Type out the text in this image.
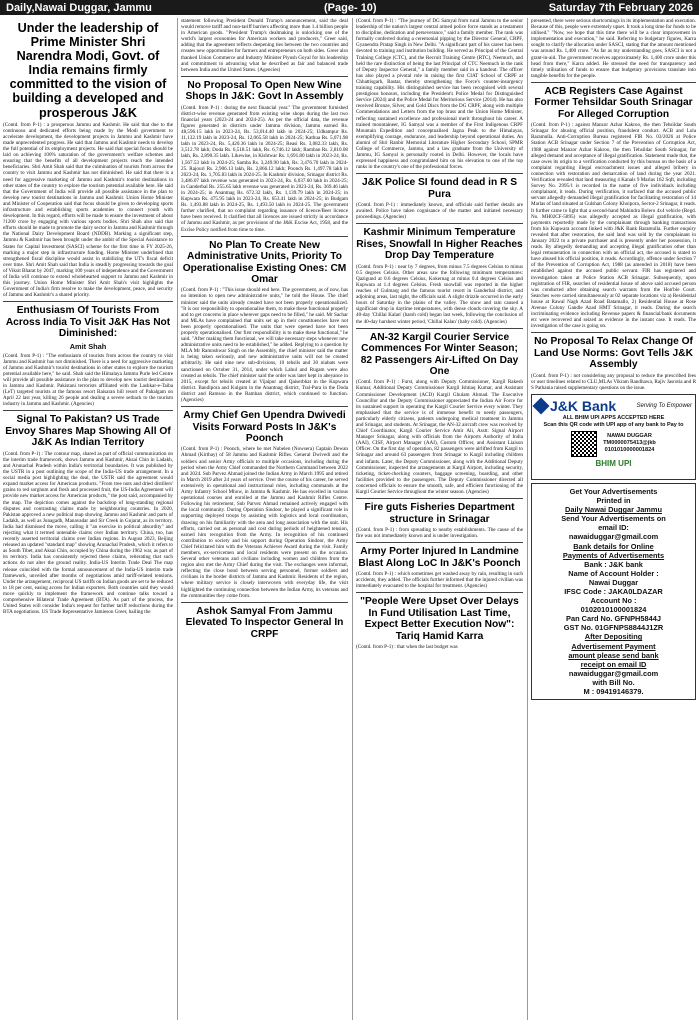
Daily,Nawai Duggar, Jammu	(Page- 10)	Saturday 7th February 2026
Under the leadership of Prime Minister Shri Narendra Modi, Govt. of India remains firmly committed to the vision of building a developed and prosperous J&K

(Contd. from P-1) : a prosperous Jammu and Kashmir. He said that due to the continuous and dedicated efforts being made by the Modi government to accelerate development, the development projects in Jammu and Kashmir have made unprecedented progress. He said that Jammu and Kashmir needs to develop the full potential of its employment projects. He said that special focus should be laid on achieving 100% saturation of the government's welfare schemes and ensuring that the benefits of all development projects reach the intended beneficiaries. Shri Amit Shah said that the culmination of tourists from across the country to visit Jammu and Kashmir has not diminished. He said that there is a need for aggressive marketing of Jammu and Kashmir's tourist destinations in other states of the country to explore the tourism potential available here. He said that the Government of India will provide all possible assistance in the plan to develop new tourist destinations in Jammu and Kashmir. Union Home Minister and Minister of Cooperation said that focus should be given to developing sports infrastructure and establishing sports academies to connect youth with development. In this regard, efforts will be made to ensure the investment of about ?1200 crore by engaging with various sports bodies. Shri Shah also said that efforts should be made to promote the dairy sector in Jammu and Kashmir through the National Dairy Development Board (NDDB). Marking a significant step, Jammu & Kashmir has been brought under the ambit of the Special Assistance to States for Capital Investment (SASCI) scheme for the first time in FY 2025-26, marking a major step in infrastructure funding. Home Minister underlined that strengthened fiscal discipline would assist in stabilizing the UT's fiscal deficit over time. Shri Amit Shah said that India is steadily progressing towards the goal of Viksit Bharat by 2047, marking 100 years of independence and the Government of India will continue to extend wholehearted support to Jammu and Kashmir in this journey. Union Home Minister Shri Amit Shah's visit highlights the Government of India's firm resolve to make the development, peace, and security of Jammu and Kashmir's a shared priority.

Enthusiasm Of Tourists From Across India To Visit J&K Has Not Diminished:
Amit Shah

(Contd. from P-1) : "The enthusiasm of tourists from across the country to visit Jammu and Kashmir has not diminished. There is a need for aggressive marketing of Jammu and Kashmir's tourist destinations in other states to explore the tourism potential available here," he said. Shah said the Himalaya Jammu Purle led Centre will provide all possible assistance in the plan to develop new tourist destinations in Jammu and Kashmir. Pakistani terrorists affiliated with the Lashkar-e-Taiba (LeT) targeted tourists at the famous resort Baisaran hill resort of Pahalgam on April 22 last year, killing 26 people and dealing a severe setback to the tourism industry in Jammu and Kashmir. (Agencies)

Signal To Pakistan? US Trade Envoy Shares Map Showing All Of J&K As Indian Territory

(Contd. from P-1) : The contour map, shared as part of official communication on the interim trade framework, shows Jammu and Kashmir, Aksai Chin in Ladakh, and Arunachal Pradesh within India's territorial boundaries. It was published by the USTR in a post outlining the scope of the India-US trade arrangement. In a social media post highlighting the deal, the USTR said the agreement would expand market access for American products. "From tree nuts and dried distillers' grains to red sorghum and fresh and processed fruit, the US-India Agreement will provide new market access for American products," the post said, accompanied by the map. The depiction comes against the backdrop of long-standing regional disputes and contrasting claims made by neighbouring countries. In 2020, Pakistan approved a new political map showing Jammu and Kashmir and parts of Ladakh, as well as Junagadh, Manavadar and Sir Creek in Gujarat, as its territory. India had dismissed the move, calling it "an exercise in political absurdity" and rejecting what it termed untenable claims over Indian territory. China, too, has recently asserted territorial claims over Indian regions. In August 2023, Beijing released an updated "standard map" showing Arunachal Pradesh, which it refers to as South Tibet, and Aksai Chin, occupied by China during the 1962 war, as part of its territory. India has consistently rejected these claims, reiterating that such actions do not alter the ground reality. India-US Interim Trade Deal The map release coincided with the formal announcement of the India-US interim trade framework, unveiled after months of negotiations amid tariff-related tensions. Under the arrangement, reciprocal US tariffs on Indian goods are set to be reduced to 18 per cent, easing access for Indian exporters. Both countries said they would move quickly to implement the framework and continue talks toward a comprehensive Bilateral Trade Agreement (BTA). As part of the process, the United States will consider India's request for further tariff reductions during the BTA negotiations. US Trade Representative Jamieson Greer, hailing the

statement following President Donald Trump's announcement, said the deal would remove tariff and non-tariff barriers affecting more than 1.4 billion people in American goods. "President Trump's dealmaking is unlocking one of the world's largest economies for American workers and producers," Greer said, adding that the agreement reflects deepening ties between the two countries and creates new opportunities for farmers and entrepreneurs on both sides. Greer also thanked Union Commerce and Industry Minister Piyush Goyal for his leadership and commitment to advancing what he described as fair and balanced trade between India and the United States. (Agencies)

No Proposal To Open New Wine Shops In J&K: Govt In Assembly

(Contd. from P-1) : during the next financial year." The government furnished district-wise revenue generated from existing wine shops during the last two financial years (2023-24 and 2024-25). As per the official data, the revenue figures generated in districts under Jammu division, Jammu earned Rs. 48,596.15 lakh in 2023-24, Rs. 53,014.40 lakh in 2024-25; Udhampur Rs. 11,132.19 lakh in 2023-24, Rs. 12,065.58 lakh in 2024-25; Kathua Rs. 5,071.98 lakh in 2023-24, Rs. 5,420.36 lakh in 2024-25; Reasi Rs. 3,082.33 lakh, Rs. 3,512.78 lakh; Doda Rs. 6,518.51 lakh, Rs. 6,746.12 lakh; Ramban Rs. 2,810.08 lakh, Rs. 2,890.35 lakh. Likewise, in Kishtwar Rs. 1,691.80 lakh in 2023-24, Rs. 1,567.53 lakh in 2024-25; Samba Rs. 3,249.90 lakh, Rs. 3,476.70 lakh in 2024-25. Rajouri Rs. 2,906.13 lakh, Rs. 2,866.12 lakh; Poonch Rs. 1,497.78 lakh in 2023-24, Rs. 1,705.83 lakh in 2024-25. In Kashmir division, Srinagar district Rs. 3,486.07 lakh revenue was generated in 2023-24, Rs. 6,037.60 lakh in 2024-25; in Ganderbal Rs. 255.65 lakh revenue was generated in 2023-24, Rs. 369.46 lakh in 2024-25; in Anantnag Rs. 672.32 lakh, Rs. 1,139.79 lakh in 2024-25; in Kupwara Rs. 475.95 lakh in 2023-24, Rs. 653.41 lakh in 2024-25; in Budgam Rs. 1,493.88 lakh in 2024-25, Rs. 1,493.50 lakh in 2024-25. The government further clarified, that no complaint regarding issuance of licence/Beer licence have been received. It clarified that all licences are issued strictly in accordance of Jammu and Kashmir, as per provisions of the J&K Excise Act, 1958, and the Excise Policy notified from time to time.

No Plan To Create New Administrative Units, Priority To Operationalise Existing Ones: CM Omar

(Contd. from P-1) : "This issue should end here. The government, as of now, has no intention to open new administrative units," he told the House. The chief minister said the units already created have not been properly operationalized. "It is our responsibility to operationalise them, to make these functional properly and to get concerns in place wherever gaps need to be filled," he said. Mr Sachar and MLAs have complained that units set up in their constituencies have not been properly operationalised. The units that were opened have not been properly operationalised. Our first responsibility is to make these functional," he said. "After making them functional, we will take necessary steps whenever new administrative units need to be established," he added. Replying to a question by MLA Mr Ramnshwar Singh on the Assembly, the chief minister said the matter is being taken seriously, and new administrative units will not be created arbitrarily. He said nine new sub-divisions, 10 tehsils and 30 niabats were sanctioned on October 31, 2014, under which Lahul and Rugam were also created as tehsils. The chief minister said the order was later kept in abeyance in 2015, except for tehsils created at Vijaipur and Qaiserbhat in the Kupwara district. Bandipora and Kulgam in the Anantnag district, Tral-Pura in the Doda district and Ramsoo in the Ramban district, which continued to function. (Agencies)

Army Chief Gen Upendra Dwivedi Visits Forward Posts In J&K's Poonch

(Contd. from P-1) : Poonch, where he met Nubelen (Nowsera) Captain Dewan Ahmad (Kirthay) of 58 Jammu and Kashmir Rifles. General Dwivedi and the soldiers and senior Army officials to multiple occasions, including during the period when the Army Chief commanded the Northern Command between 2022 and 2024. Sub Parvez Ahmad joined the Indian Army in March 1995 and retired in March 2019 after 24 years of service. Over the course of his career, he served extensively in operational and instructional roles, including commands at the Army Infantry School Mhow, in Jammu & Kashmir. He has excelled in various operational courses and enrolled at the Jammu and Kashmir Rifles Centre. Following his retirement, Sub Parvez Ahmad remained actively engaged with the local community. During Operation Sindoor, he played a significant role in supporting deployed troops by assisting with logistics and local coordination, drawing on his familiarity with the area and long association with the unit. His efforts, carried out as personal and cost during periods of heightened tension, earned him recognition from the Army. In recognition of his continued contribution to society and his support during Operation Sindoor, the Army Chief felicitated him with the Veterans Achiever Award during the visit. Family members, ex-servicemen and local residents were present on the occasion. Several other veterans and civilians including women and children from the region also met the Army Chief during the visit. The exchanges were informal, reflecting the close bond between serving personnel, former soldiers and civilians in the border districts of Jammu and Kashmir. Residents of the region, where military service is closely interwoven with everyday life, the visit highlighted the continuing connection between the Indian Army, its veterans and the communities they come from.

Ashok Samyal From Jammu Elevated To Inspector General In CRPF

(Contd. from P-1) : "The journey of DG Samyal from rural Jammu to the senior leadership of the nation's largest central armed police force stands as a testament to discipline, dedication and perseverance," said a family member. The rank was formally conferred during a ceremonial pipping by the Director General, CRPF, Gyanendra Pratap Singh in New Delhi. "A significant part of his career has been devoted to training and institution building. He served as Principal of the Central Training College (CTC), and the Recruit Training Centre (RTC), Neemuch, and held the rare distinction of being the last Principal of CTC Neemuch in the rank of Deputy Inspector General," a family member said in a handout. The officer has also played a pivotal role in raising the first CIAT School of CRPF at Chhattisgarh, Bastar, thereby strengthening the Force's counter-insurgency training capability. His distinguished service has been recognised with several prestigious honours, including the President's Police Medal for Distinguished Service (2024) and the Police Medal for Meritorious Service (2014). He has also received Bronze, Silver, and Gold Discs from the DG CRPF, along with multiple Commendations and Letters from the top brass and the Union Home Minister, reflecting sustained excellence and professional merit throughout his career. A trained mountaineer, IG Samyal was a member of the First Indigenous CRPF Mountain Expedition and conceptualised Jagna Peak to the Himalayas, exemplifying courage, endurance, and leadership beyond operational duties. An alumni of Shri Ranbir Memorial Literature Higher Secondary School, SPMR College of Commerce, Jammu, and a law graduate from the University of Jammu, IG Samyal is personally rooted in Delhi. However, the locals have expressed happiness and congratulated him on his elevation to one of the top ranks in the country's one of the professional forces.

J&K Police SI found dead in R S Pura

(Contd. from P-1) : immediately known, and officials said further details are awaited. Police have taken cognisance of the matter and initiated necessary proceedings. (Agencies)

Kashmir Minimum Temperature Rises, Snowfall In Higher Reaches Drop Day Temperature

(Contd. from P-1) : near by 7 degrees, from minus 7.5 degrees Celsius to minus 0.5 degrees Celsius. Other areas saw the following minimum temperatures: Qazigund at 0.6 degrees Celsius, Kokernag at minus 0.4 degrees Celsius and Kupwara at 1.4 degrees Celsius. Fresh snowfall was reported in the higher reaches of Gulmarg and the famous tourist resort in Ganderbal district, and adjoining areas, last night, the officials said. A slight drizzle occurred in the early hours of Saturday in the plains of the valley. The snow and rain caused a significant drop in daytime temperatures, with dense clouds covering the sky. A 40-day 'Chillai Kalan' (harsh cold) began last week, following the conclusion of the 40-day harshest winter period, 'Chillai Kalan' (baby cold). (Agencies)

AN-32 Kargil Courier Service Commences For Winter Season; 82 Passengers Air-Lifted On Day One

(Contd. from P-1) : Furst, along with Deputy Commissioner, Kargil Rakesh Kumar, Additional Deputy Commissioner Kargil Ishtiaq Kumar, and Assistant Commissioner Development (ACD) Kargil Ghulam Ahmad. The Executive Councillor and the Deputy Commissioner appreciated the Indian Air Force for its sustained support in operating the Kargil Courier Service every winter. They emphasised that the service is of immense benefit to needy passengers, particularly elderly citizens, patients undergoing medical treatment in Jammu and Srinagar, and students. At Srinagar, the AN-32 aircraft crew was received by Chief Coordinator, Kargil Courier Service Amir Ali, Asstt. Signal Airport Manager Srinagar, along with officials from the Airports Authority of India (AAI), CISF, Airport Manager (AAI), Custom Officer, and Assistant Liaison Officer. On the first day of operation, 82 passengers were airlifted from Kargil to Srinagar and around 63 passengers from Srinagar to Kargil including children and infants. Later, the Deputy Commissioner, along with the Additional Deputy Commissioner, inspected the arrangements at Kargil Airport, including security, ticketing, ticket-checking counters, baggage screening, boarding, and other facilities provided to the passengers. The Deputy Commissioner directed all concerned officials to ensure the smooth, safe, and efficient functioning of the Kargil Courier Service throughout the winter season. (Agencies)

Fire guts Fisheries Department structure in Srinagar

(Contd. from P-1) : from spreading to nearby establishments. The cause of the fire was not immediately known and is under investigation.

Army Porter Injured In Landmine Blast Along LoC In J&K's Poonch

(Contd. from P-1) : which sometimes get washed away by rain, resulting in such accidents, they added. The officials further informed that the injured civilian was immediately evacuated to the hospital for treatment. (Agencies)

"People Were Upset Over Delays In Fund Utilisation Last Time, Expect Better Execution Now": Tariq Hamid Karra

(Contd. from P-1) : that when the last budget was

presented, there were serious shortcomings in its implementation and execution. Because of this, people were extremely upset. It took a long time for funds to be utilised." "Now, we hope that this time there will be a clear improvement in implementation and execution," he said. Referring to budgetary figures, Karra sought to clarify the allocation under SASCI, stating that the amount mentioned was around Rs. 1,400 crore. "As far as my understanding goes, SASCI is not a grant-in-aid. The government receives approximately Rs. 1,400 crore under this head from there," Karra added. He stressed the need for transparency and timely utilisation of funds to ensure that budgetary provisions translate into tangible benefits for the people.

ACB Registers Case Against Former Tehsildar South Srinagar For Alleged Corruption

(Contd. from P-1) : against Manzor Azhar Kakroo, the then Tehsildar South Srinagar for abusing official position, fraudulent conduct. ACB and Lola Baramulla. Anti-Corruption Bureau registered FIR No. 03/2026 at Police Station ACB Srinagar under Section 7 of the Prevention of Corruption Act, 1988 against Manzor Azhar Kakroo, the then Tehsildar South Srinagar, for alleged demand and acceptance of illegal gratification. Statement made that, the case owes its origin to a verification conducted by this bureau on the basis of a complaint regarding illegal encroachment issues and alleged bribery in connection with restoration and demarcation of land during the year 2021. Verification revealed that land measuring 4 Kanals 9 Marlas 162 Sqft, including Survey No. 2995/1 is recorded in the name of five individuals including complainant, it reads. During verification, it surfaced that the accused public servant allegedly demanded illegal gratification for facilitating restoration of 14 Marlas of land situated at Gulshan Colony Khoipora, Sector-2 Srinagar, it reads. It further came to light that a second-hand Mahindra Bolero 4x4 vehicle (Regd. No. MH02CF-5895) was allegedly accepted as illegal gratification, with payments reportedly made by the complainant through banking transactions from his Kupwara account linked with J&K Bank Baramulla. Further enquiry revealed that after restoration, the said land was sold by the complainant in January 2022 to a private purchaser and is presently under her possession, it reads. By allegedly demanding and accepting illegal gratification other than legal remuneration in connection with an official act, the accused is stated to have abused his official position, it reads. Accordingly, offence under Section 7 of the Prevention of Corruption Act, 1988 (as amended in 2018) have been established against the accused public servant. FIR has registered and investigation taken at Police Station ACB Srinagar. Subsequently, upon registration of FIR, searches of residential house of above said accused person was conducted after obtaining search warrants from the Hon'ble Court. Searches were carried simultaneously at 02 separate locations viz a) Residential house at Rawal Nagh Azad Road Batamallo, 2) Residential House at Rose Avenue Colony Gandle Azad HMT Srinagar, it reads. During the search incriminating evidence including Revenue papers & financial/bank documents etc were recovered and seized as evidence in the instant case. It reads. The investigation of the case is going on.

No Proposal To Relax Change Of Land Use Norms: Govt Tells J&K Assembly

(Contd. from P-1) : not considering any proposal to reduce the prescribed fees or user timelines related to CLU,MLAs Vikram Randhawa, Rajiv Jasrotia and R S Pathania raised supplementary questions on the issue.

J&K Bank	Serving To Empower
ALL BHIM UPI APPS ACCEPTED HERE
Scan this QR code with UPI app of any bank to Pay to
NAWAI DUGGAR
TM0000075413@jkb
0101010000001824
BHIM UPI
Get Your Advertisements
Printed in
Daily Nawai Duggar Jammu
Send Your Advertisements on
email ID:
nawaiduggar@gmail.com
Bank details for Online
Payments of Advertisements
Bank : J&K bank
Name of Account Holder :
Nawai Duggar
IFSC Code : JAKA0LDAZAR
Account No :
0102010100001824
Pan Card No. GFNPH5844J
GST No. 01GFNPS8844J1ZR
After Depositing
Advertisement Payment
amount please send bank
receipt on email ID
nawaiduggar@gmail.com
with Bill No.
M : 09419146379.
